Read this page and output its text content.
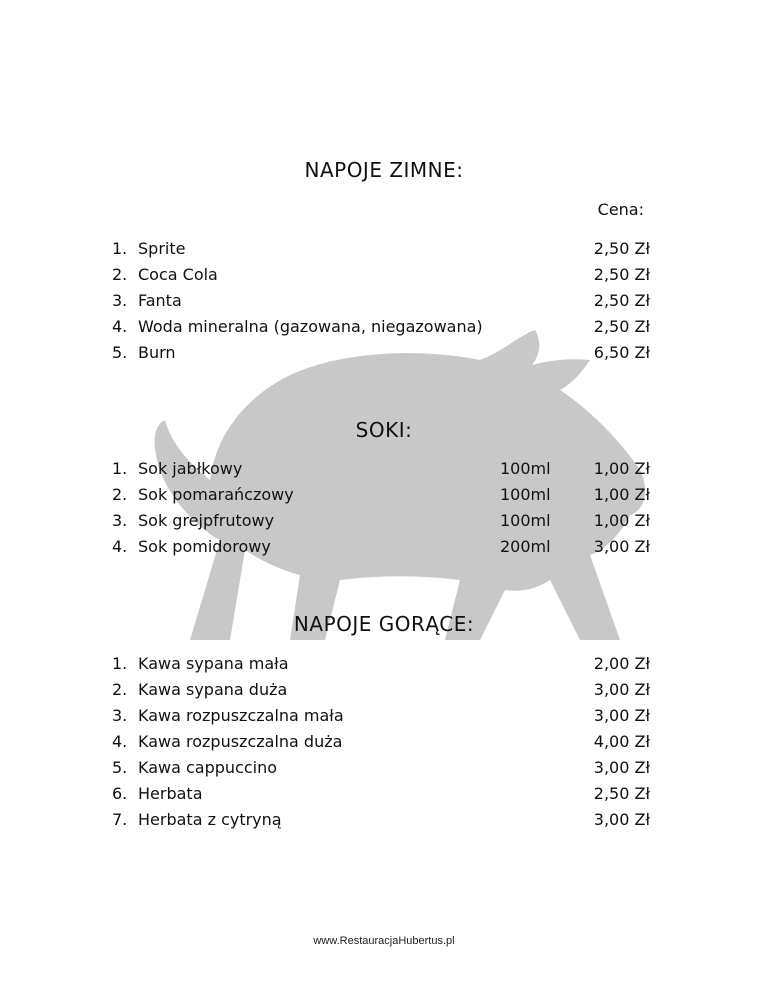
NAPOJE ZIMNE:
Cena:
1. Sprite	2,50 Zł
2. Coca Cola	2,50 Zł
3. Fanta	2,50 Zł
4. Woda mineralna (gazowana, niegazowana)	2,50 Zł
5. Burn	6,50 Zł
SOKI:
1. Sok jabłkowy	100ml	1,00 Zł
2. Sok pomarańczowy	100ml	1,00 Zł
3. Sok grejpfrutowy	100ml	1,00 Zł
4. Sok pomidorowy	200ml	3,00 Zł
NAPOJE GORĄCE:
1. Kawa sypana mała	2,00 Zł
2. Kawa sypana duża	3,00 Zł
3. Kawa rozpuszczalna mała	3,00 Zł
4. Kawa rozpuszczalna duża	4,00 Zł
5. Kawa cappuccino	3,00 Zł
6. Herbata	2,50 Zł
7. Herbata z cytryną	3,00 Zł
www.RestauracjaHubertus.pl
